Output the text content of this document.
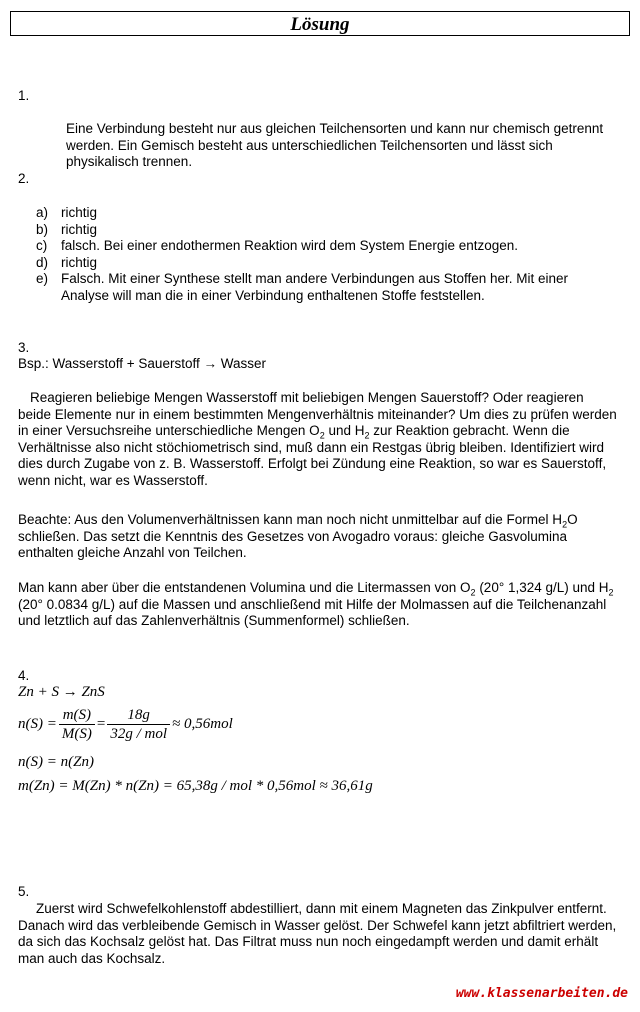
Lösung
1.
Eine Verbindung besteht nur aus gleichen Teilchensorten und kann nur chemisch getrennt werden. Ein Gemisch besteht aus unterschiedlichen Teilchensorten und lässt sich physikalisch trennen.
2.
a) richtig
b) richtig
c)	falsch. Bei einer endothermen Reaktion wird dem System Energie entzogen.
d) richtig
e) Falsch. Mit einer Synthese stellt man andere Verbindungen aus Stoffen her. Mit einer Analyse will man die in einer Verbindung enthaltenen Stoffe feststellen.
3.
Bsp.: Wasserstoff + Sauerstoff → Wasser
Reagieren beliebige Mengen Wasserstoff mit beliebigen Mengen Sauerstoff? Oder reagieren beide Elemente nur in einem bestimmten Mengenverhältnis miteinander? Um dies zu prüfen werden in einer Versuchsreihe unterschiedliche Mengen $O_2$ und $H_2$ zur Reaktion gebracht. Wenn die Verhältnisse also nicht stöchiometrisch sind, muß dann ein Restgas übrig bleiben. Identifiziert wird dies durch Zugabe von z. B. Wasserstoff. Erfolgt bei Zündung eine Reaktion, so war es Sauerstoff, wenn nicht, war es Wasserstoff.
Beachte: Aus den Volumenverhältnissen kann man noch nicht unmittelbar auf die Formel $H_2O$ schließen. Das setzt die Kenntnis des Gesetzes von Avogadro voraus: gleiche Gasvolumina enthalten gleiche Anzahl von Teilchen.
Man kann aber über die entstandenen Volumina und die Litermassen von $O_2$ (20° 1,324 g/L) und $H_2$ (20° 0.0834 g/L) auf die Massen und anschließend mit Hilfe der Molmassen auf die Teilchenanzahl und letztlich auf das Zahlenverhältnis (Summenformel) schließen.
4.
Zn + S → ZnS
$n(S) = \frac{m(S)}{M(S)} = \frac{18g}{\text{32g / mol}} \approx 0,56mol$
n(S) = n(Zn)
m(Zn) = M(Zn) * n(Zn) = 65,38g / mol * 0,56mol ≈ 36,61g
5.
Zuerst wird Schwefelkohlenstoff abdestilliert, dann mit einem Magneten das Zinkpulver entfernt. Danach wird das verbleibende Gemisch in Wasser gelöst. Der Schwefel kann jetzt abfiltriert werden, da sich das Kochsalz gelöst hat. Das Filtrat muss nun noch eingedampft werden und damit erhält man auch das Kochsalz.
www.klassenarbeiten.de
